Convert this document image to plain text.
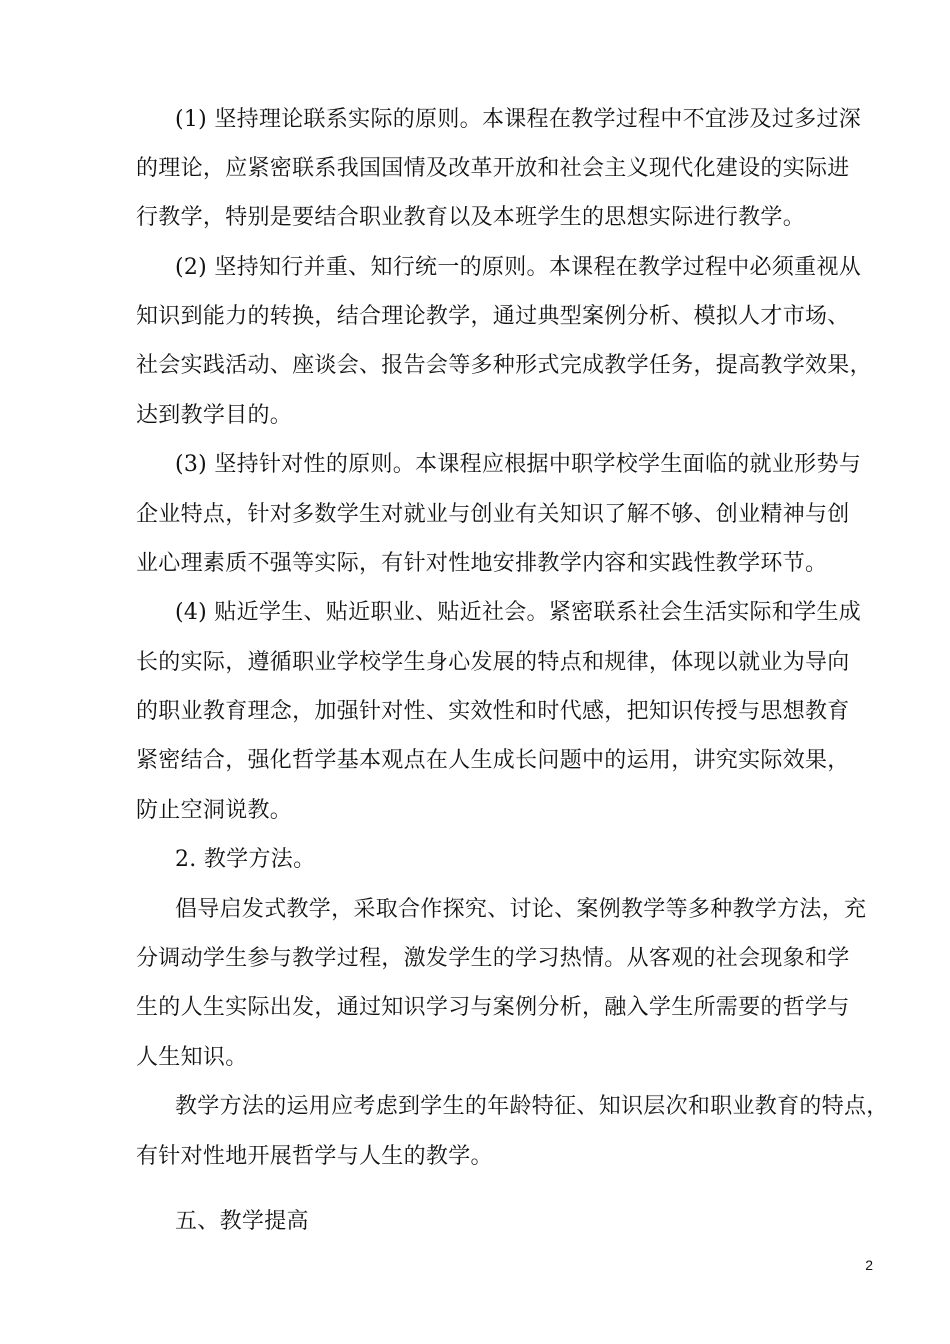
(1) 坚持理论联系实际的原则。本课程在教学过程中不宜涉及过多过深
的理论，应紧密联系我国国情及改革开放和社会主义现代化建设的实际进
行教学，特别是要结合职业教育以及本班学生的思想实际进行教学。
(2) 坚持知行并重、知行统一的原则。本课程在教学过程中必须重视从
知识到能力的转换，结合理论教学，通过典型案例分析、模拟人才市场、
社会实践活动、座谈会、报告会等多种形式完成教学任务，提高教学效果，
达到教学目的。
(3) 坚持针对性的原则。本课程应根据中职学校学生面临的就业形势与
企业特点，针对多数学生对就业与创业有关知识了解不够、创业精神与创
业心理素质不强等实际，有针对性地安排教学内容和实践性教学环节。
(4) 贴近学生、贴近职业、贴近社会。紧密联系社会生活实际和学生成
长的实际，遵循职业学校学生身心发展的特点和规律，体现以就业为导向
的职业教育理念，加强针对性、实效性和时代感，把知识传授与思想教育
紧密结合，强化哲学基本观点在人生成长问题中的运用，讲究实际效果，
防止空洞说教。
2. 教学方法。
倡导启发式教学，采取合作探究、讨论、案例教学等多种教学方法，充
分调动学生参与教学过程，激发学生的学习热情。从客观的社会现象和学
生的人生实际出发，通过知识学习与案例分析，融入学生所需要的哲学与
人生知识。
教学方法的运用应考虑到学生的年龄特征、知识层次和职业教育的特点，
有针对性地开展哲学与人生的教学。
五、教学提高
2
